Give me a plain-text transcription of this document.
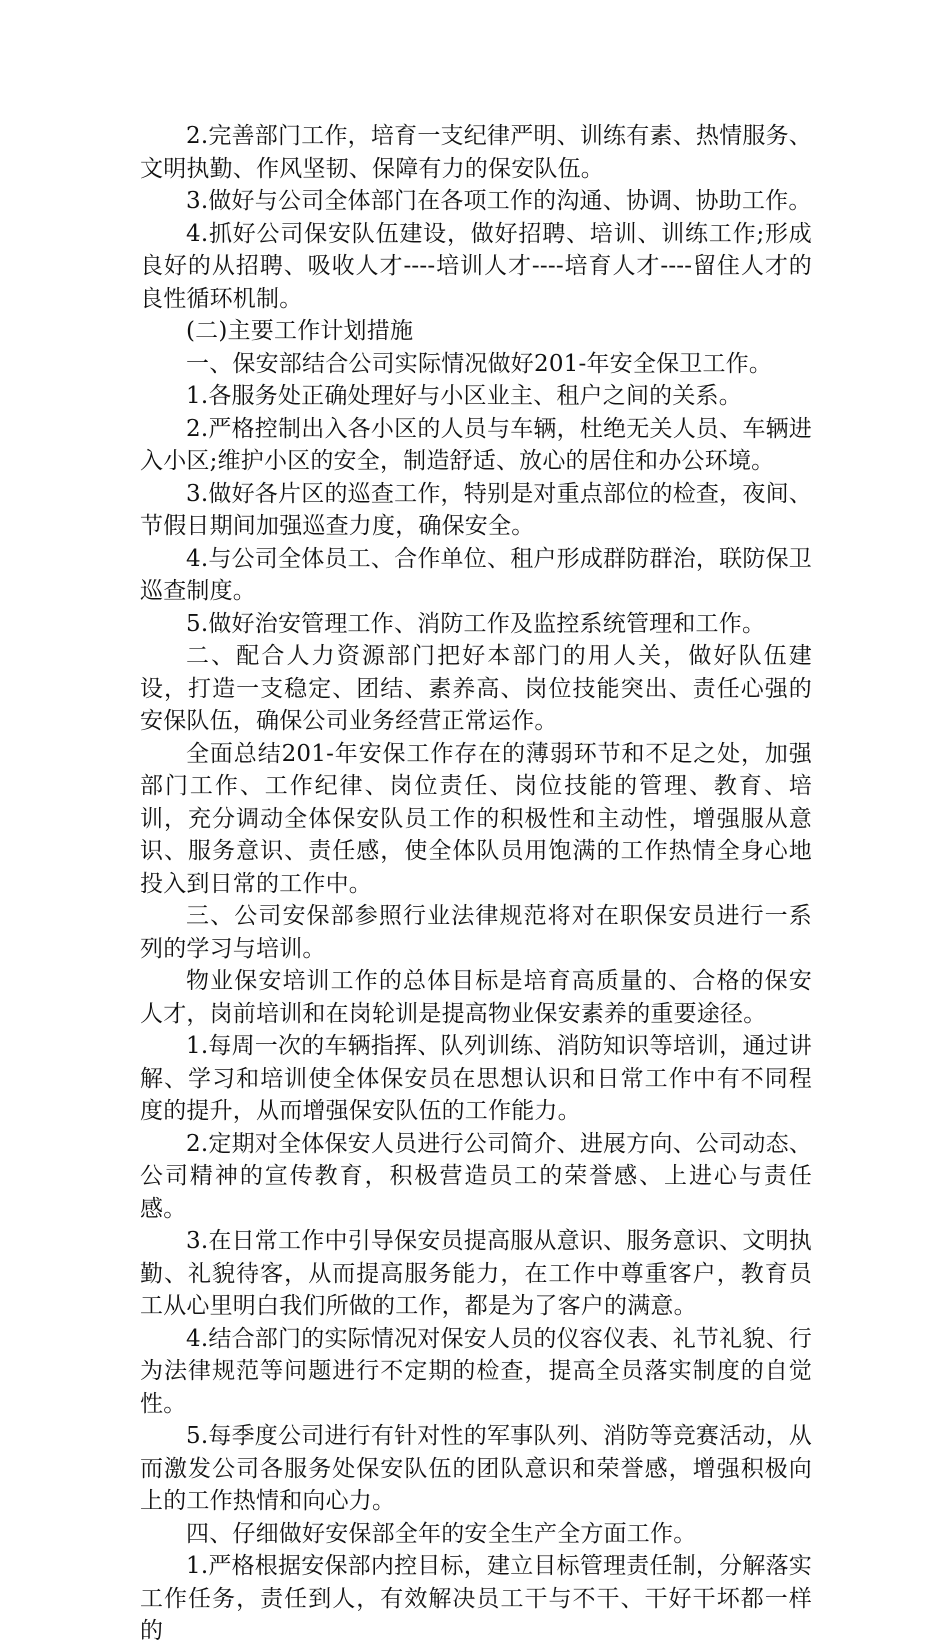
2.完善部门工作，培育一支纪律严明、训练有素、热情服务、文明执勤、作风坚韧、保障有力的保安队伍。

3.做好与公司全体部门在各项工作的沟通、协调、协助工作。

4.抓好公司保安队伍建设，做好招聘、培训、训练工作;形成良好的从招聘、吸收人才----培训人才----培育人才----留住人才的良性循环机制。

(二)主要工作计划措施

一、保安部结合公司实际情况做好201-年安全保卫工作。

1.各服务处正确处理好与小区业主、租户之间的关系。

2.严格控制出入各小区的人员与车辆，杜绝无关人员、车辆进入小区;维护小区的安全，制造舒适、放心的居住和办公环境。

3.做好各片区的巡查工作，特别是对重点部位的检查，夜间、节假日期间加强巡查力度，确保安全。

4.与公司全体员工、合作单位、租户形成群防群治，联防保卫巡查制度。

5.做好治安管理工作、消防工作及监控系统管理和工作。

二、配合人力资源部门把好本部门的用人关，做好队伍建设，打造一支稳定、团结、素养高、岗位技能突出、责任心强的安保队伍，确保公司业务经营正常运作。

全面总结201-年安保工作存在的薄弱环节和不足之处，加强部门工作、工作纪律、岗位责任、岗位技能的管理、教育、培训，充分调动全体保安队员工作的积极性和主动性，增强服从意识、服务意识、责任感，使全体队员用饱满的工作热情全身心地投入到日常的工作中。

三、公司安保部参照行业法律规范将对在职保安员进行一系列的学习与培训。

物业保安培训工作的总体目标是培育高质量的、合格的保安人才，岗前培训和在岗轮训是提高物业保安素养的重要途径。

1.每周一次的车辆指挥、队列训练、消防知识等培训，通过讲解、学习和培训使全体保安员在思想认识和日常工作中有不同程度的提升，从而增强保安队伍的工作能力。

2.定期对全体保安人员进行公司简介、进展方向、公司动态、公司精神的宣传教育，积极营造员工的荣誉感、上进心与责任感。

3.在日常工作中引导保安员提高服从意识、服务意识、文明执勤、礼貌待客，从而提高服务能力，在工作中尊重客户，教育员工从心里明白我们所做的工作，都是为了客户的满意。

4.结合部门的实际情况对保安人员的仪容仪表、礼节礼貌、行为法律规范等问题进行不定期的检查，提高全员落实制度的自觉性。

5.每季度公司进行有针对性的军事队列、消防等竞赛活动，从而激发公司各服务处保安队伍的团队意识和荣誉感，增强积极向上的工作热情和向心力。

四、仔细做好安保部全年的安全生产全方面工作。

1.严格根据安保部内控目标，建立目标管理责任制，分解落实工作任务，责任到人，有效解决员工干与不干、干好干坏都一样的
